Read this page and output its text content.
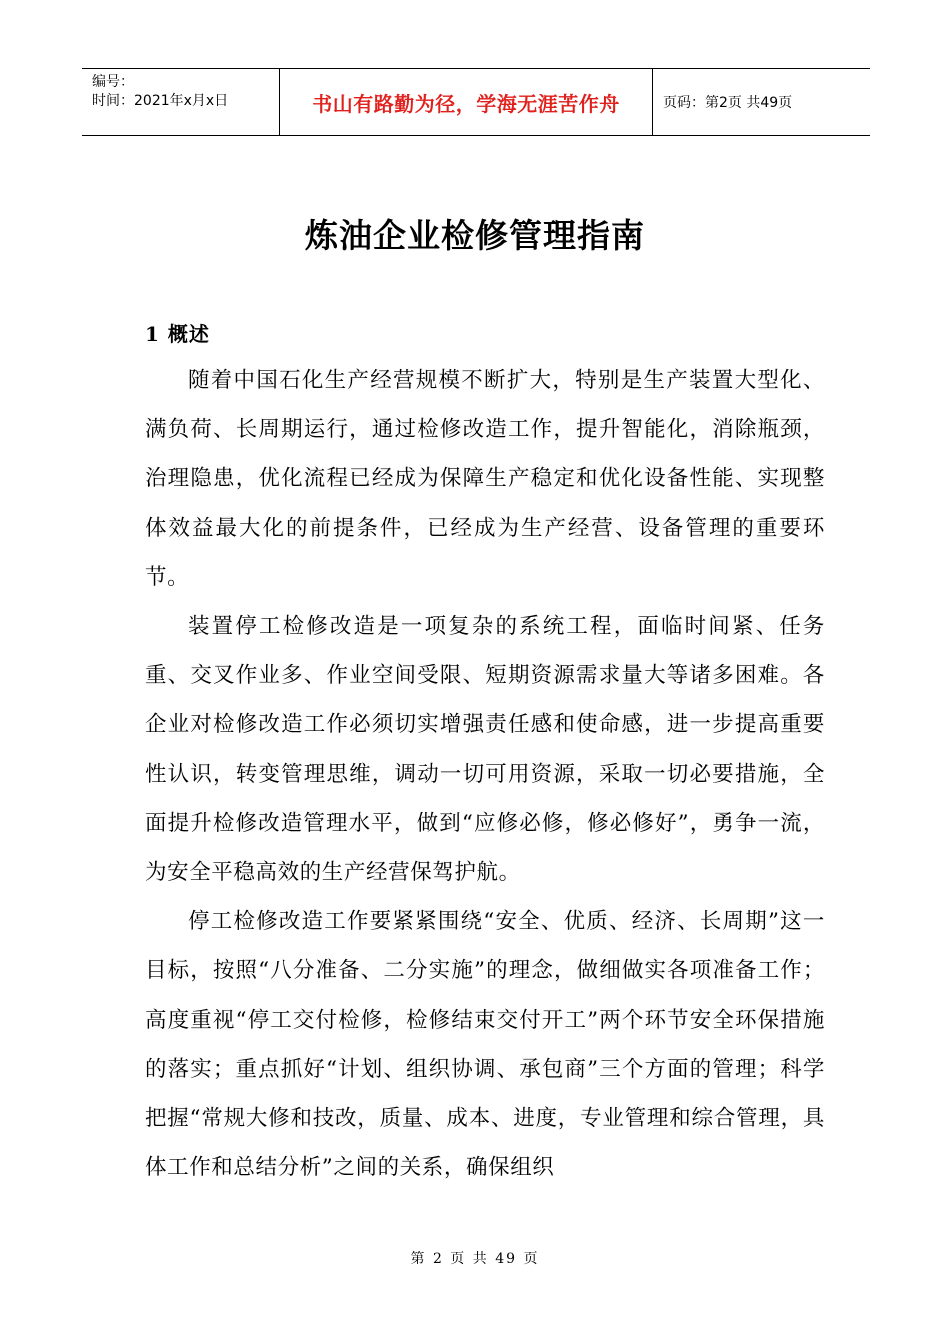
编号：
时间：2021年x月x日	书山有路勤为径，学海无涯苦作舟	页码：第2页 共49页
炼油企业检修管理指南
1 概述

随着中国石化生产经营规模不断扩大，特别是生产装置大型化、满负荷、长周期运行，通过检修改造工作，提升智能化，消除瓶颈，治理隐患，优化流程已经成为保障生产稳定和优化设备性能、实现整体效益最大化的前提条件，已经成为生产经营、设备管理的重要环节。

装置停工检修改造是一项复杂的系统工程，面临时间紧、任务重、交叉作业多、作业空间受限、短期资源需求量大等诸多困难。各企业对检修改造工作必须切实增强责任感和使命感，进一步提高重要性认识，转变管理思维，调动一切可用资源，采取一切必要措施，全面提升检修改造管理水平，做到“应修必修，修必修好”，勇争一流，为安全平稳高效的生产经营保驾护航。

停工检修改造工作要紧紧围绕“安全、优质、经济、长周期”这一目标，按照“八分准备、二分实施”的理念，做细做实各项准备工作；高度重视“停工交付检修，检修结束交付开工”两个环节安全环保措施的落实；重点抓好“计划、组织协调、承包商”三个方面的管理；科学把握“常规大修和技改，质量、成本、进度，专业管理和综合管理，具体工作和总结分析”之间的关系，确保组织

第 2 页 共 49 页
